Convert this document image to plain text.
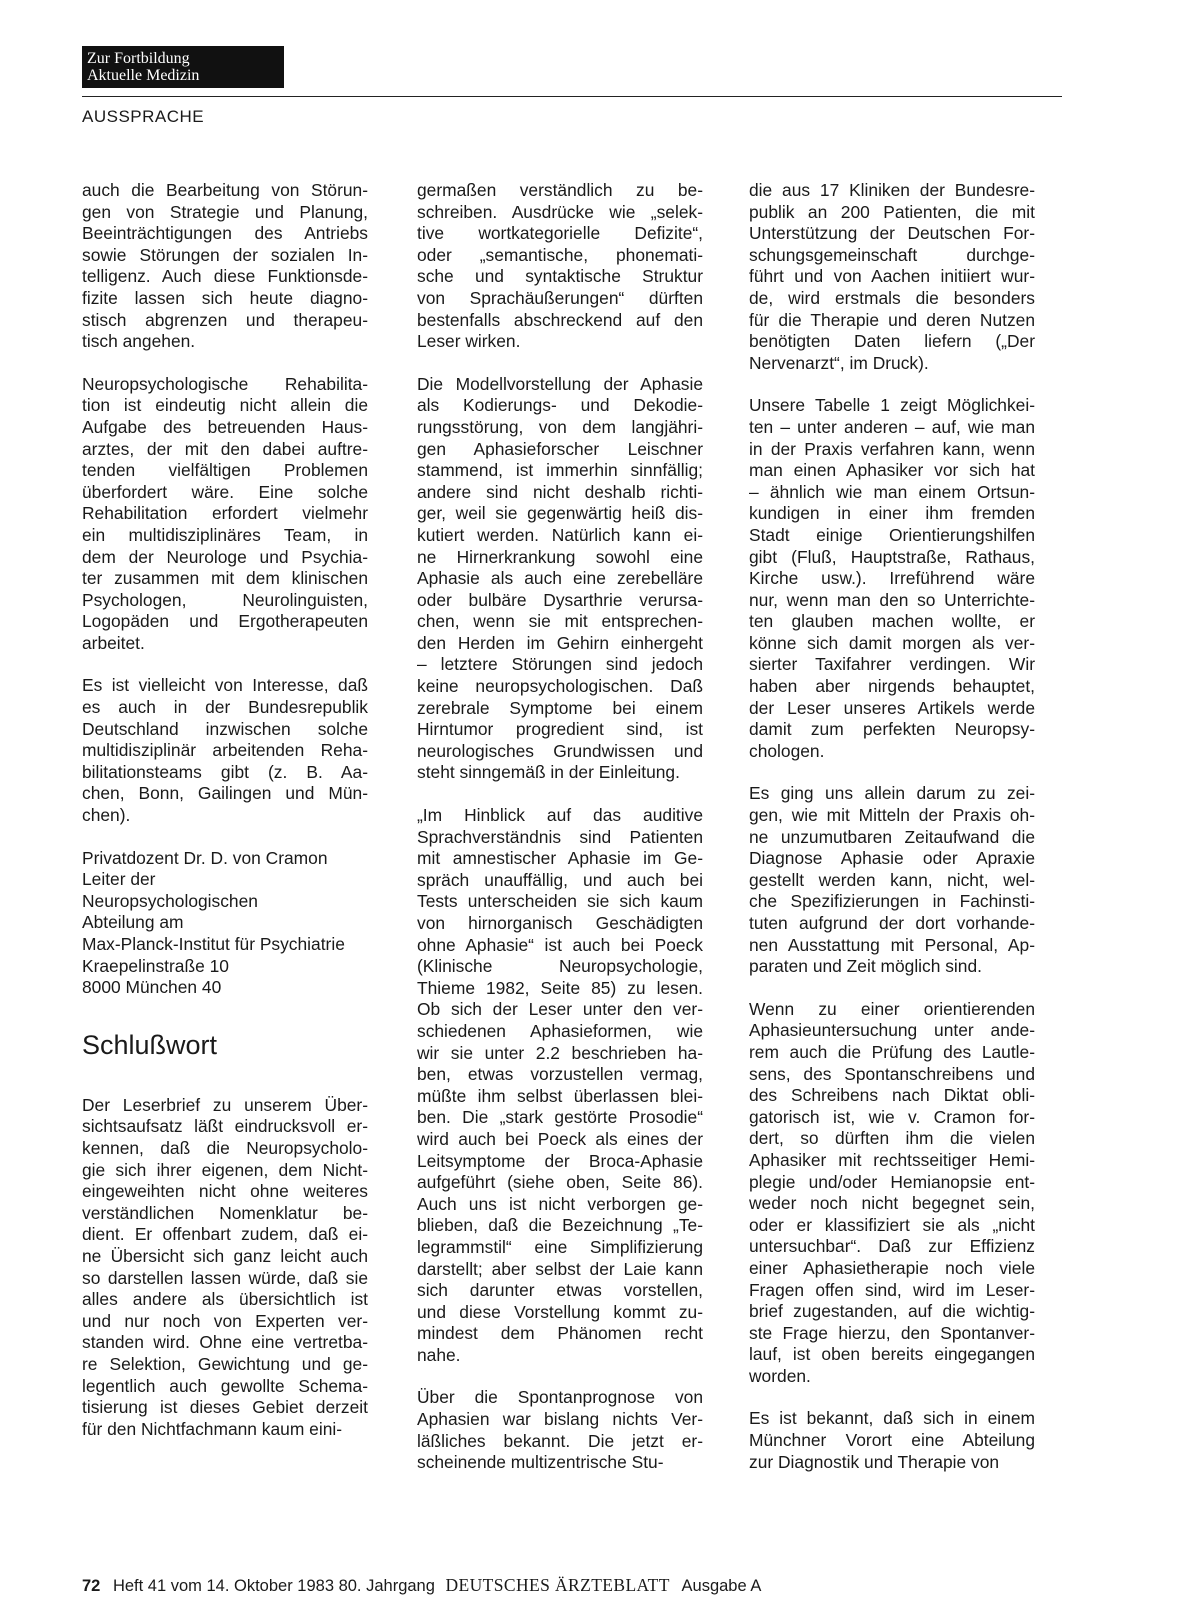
Zur Fortbildung
Aktuelle Medizin
AUSSPRACHE
auch die Bearbeitung von Störun-
gen von Strategie und Planung,
Beeinträchtigungen des Antriebs
sowie Störungen der sozialen In-
telligenz. Auch diese Funktionsde-
fizite lassen sich heute diagno-
stisch abgrenzen und therapeu-
tisch angehen.
Neuropsychologische Rehabilita-
tion ist eindeutig nicht allein die
Aufgabe des betreuenden Haus-
arztes, der mit den dabei auftre-
tenden vielfältigen Problemen
überfordert wäre. Eine solche
Rehabilitation erfordert vielmehr
ein multidisziplinäres Team, in
dem der Neurologe und Psychia-
ter zusammen mit dem klinischen
Psychologen, Neurolinguisten,
Logopäden und Ergotherapeuten
arbeitet.
Es ist vielleicht von Interesse, daß
es auch in der Bundesrepublik
Deutschland inzwischen solche
multidisziplinär arbeitenden Reha-
bilitationsteams gibt (z. B. Aa-
chen, Bonn, Gailingen und Mün-
chen).
Privatdozent Dr. D. von Cramon
Leiter der
Neuropsychologischen
Abteilung am
Max-Planck-Institut für Psychiatrie
Kraepelinstraße 10
8000 München 40
Schlußwort
Der Leserbrief zu unserem Über-
sichtsaufsatz läßt eindrucksvoll er-
kennen, daß die Neuropsycholo-
gie sich ihrer eigenen, dem Nicht-
eingeweihten nicht ohne weiteres
verständlichen Nomenklatur be-
dient. Er offenbart zudem, daß ei-
ne Übersicht sich ganz leicht auch
so darstellen lassen würde, daß sie
alles andere als übersichtlich ist
und nur noch von Experten ver-
standen wird. Ohne eine vertretba-
re Selektion, Gewichtung und ge-
legentlich auch gewollte Schema-
tisierung ist dieses Gebiet derzeit
für den Nichtfachmann kaum eini-
germaßen verständlich zu be-
schreiben. Ausdrücke wie „selek-
tive wortkategorielle Defizite“,
oder „semantische, phonemati-
sche und syntaktische Struktur
von Sprachäußerungen“ dürften
bestenfalls abschreckend auf den
Leser wirken.
Die Modellvorstellung der Aphasie
als Kodierungs- und Dekodie-
rungsstörung, von dem langjähri-
gen Aphasieforscher Leischner
stammend, ist immerhin sinnfällig;
andere sind nicht deshalb richti-
ger, weil sie gegenwärtig heiß dis-
kutiert werden. Natürlich kann ei-
ne Hirnerkrankung sowohl eine
Aphasie als auch eine zerebelläre
oder bulbäre Dysarthrie verursa-
chen, wenn sie mit entsprechen-
den Herden im Gehirn einhergeht
– letztere Störungen sind jedoch
keine neuropsychologischen. Daß
zerebrale Symptome bei einem
Hirntumor progredient sind, ist
neurologisches Grundwissen und
steht sinngemäß in der Einleitung.
„Im Hinblick auf das auditive
Sprachverständnis sind Patienten
mit amnestischer Aphasie im Ge-
spräch unauffällig, und auch bei
Tests unterscheiden sie sich kaum
von hirnorganisch Geschädigten
ohne Aphasie“ ist auch bei Poeck
(Klinische Neuropsychologie,
Thieme 1982, Seite 85) zu lesen.
Ob sich der Leser unter den ver-
schiedenen Aphasieformen, wie
wir sie unter 2.2 beschrieben ha-
ben, etwas vorzustellen vermag,
müßte ihm selbst überlassen blei-
ben. Die „stark gestörte Prosodie“
wird auch bei Poeck als eines der
Leitsymptome der Broca-Aphasie
aufgeführt (siehe oben, Seite 86).
Auch uns ist nicht verborgen ge-
blieben, daß die Bezeichnung „Te-
legrammstil“ eine Simplifizierung
darstellt; aber selbst der Laie kann
sich darunter etwas vorstellen,
und diese Vorstellung kommt zu-
mindest dem Phänomen recht
nahe.
Über die Spontanprognose von
Aphasien war bislang nichts Ver-
läßliches bekannt. Die jetzt er-
scheinende multizentrische Stu-
die aus 17 Kliniken der Bundesre-
publik an 200 Patienten, die mit
Unterstützung der Deutschen For-
schungsgemeinschaft durchge-
führt und von Aachen initiiert wur-
de, wird erstmals die besonders
für die Therapie und deren Nutzen
benötigten Daten liefern („Der
Nervenarzt“, im Druck).
Unsere Tabelle 1 zeigt Möglichkei-
ten – unter anderen – auf, wie man
in der Praxis verfahren kann, wenn
man einen Aphasiker vor sich hat
– ähnlich wie man einem Ortsun-
kundigen in einer ihm fremden
Stadt einige Orientierungshilfen
gibt (Fluß, Hauptstraße, Rathaus,
Kirche usw.). Irreführend wäre
nur, wenn man den so Unterrichte-
ten glauben machen wollte, er
könne sich damit morgen als ver-
sierter Taxifahrer verdingen. Wir
haben aber nirgends behauptet,
der Leser unseres Artikels werde
damit zum perfekten Neuropsy-
chologen.
Es ging uns allein darum zu zei-
gen, wie mit Mitteln der Praxis oh-
ne unzumutbaren Zeitaufwand die
Diagnose Aphasie oder Apraxie
gestellt werden kann, nicht, wel-
che Spezifizierungen in Fachinsti-
tuten aufgrund der dort vorhande-
nen Ausstattung mit Personal, Ap-
paraten und Zeit möglich sind.
Wenn zu einer orientierenden
Aphasieuntersuchung unter ande-
rem auch die Prüfung des Lautle-
sens, des Spontanschreibens und
des Schreibens nach Diktat obli-
gatorisch ist, wie v. Cramon for-
dert, so dürften ihm die vielen
Aphasiker mit rechtsseitiger Hemi-
plegie und/oder Hemianopsie ent-
weder noch nicht begegnet sein,
oder er klassifiziert sie als „nicht
untersuchbar“. Daß zur Effizienz
einer Aphasietherapie noch viele
Fragen offen sind, wird im Leser-
brief zugestanden, auf die wichtig-
ste Frage hierzu, den Spontanver-
lauf, ist oben bereits eingegangen
worden.
Es ist bekannt, daß sich in einem
Münchner Vorort eine Abteilung
zur Diagnostik und Therapie von
72 Heft 41 vom 14. Oktober 1983 80. Jahrgang DEUTSCHES ÄRZTEBLATT Ausgabe A
